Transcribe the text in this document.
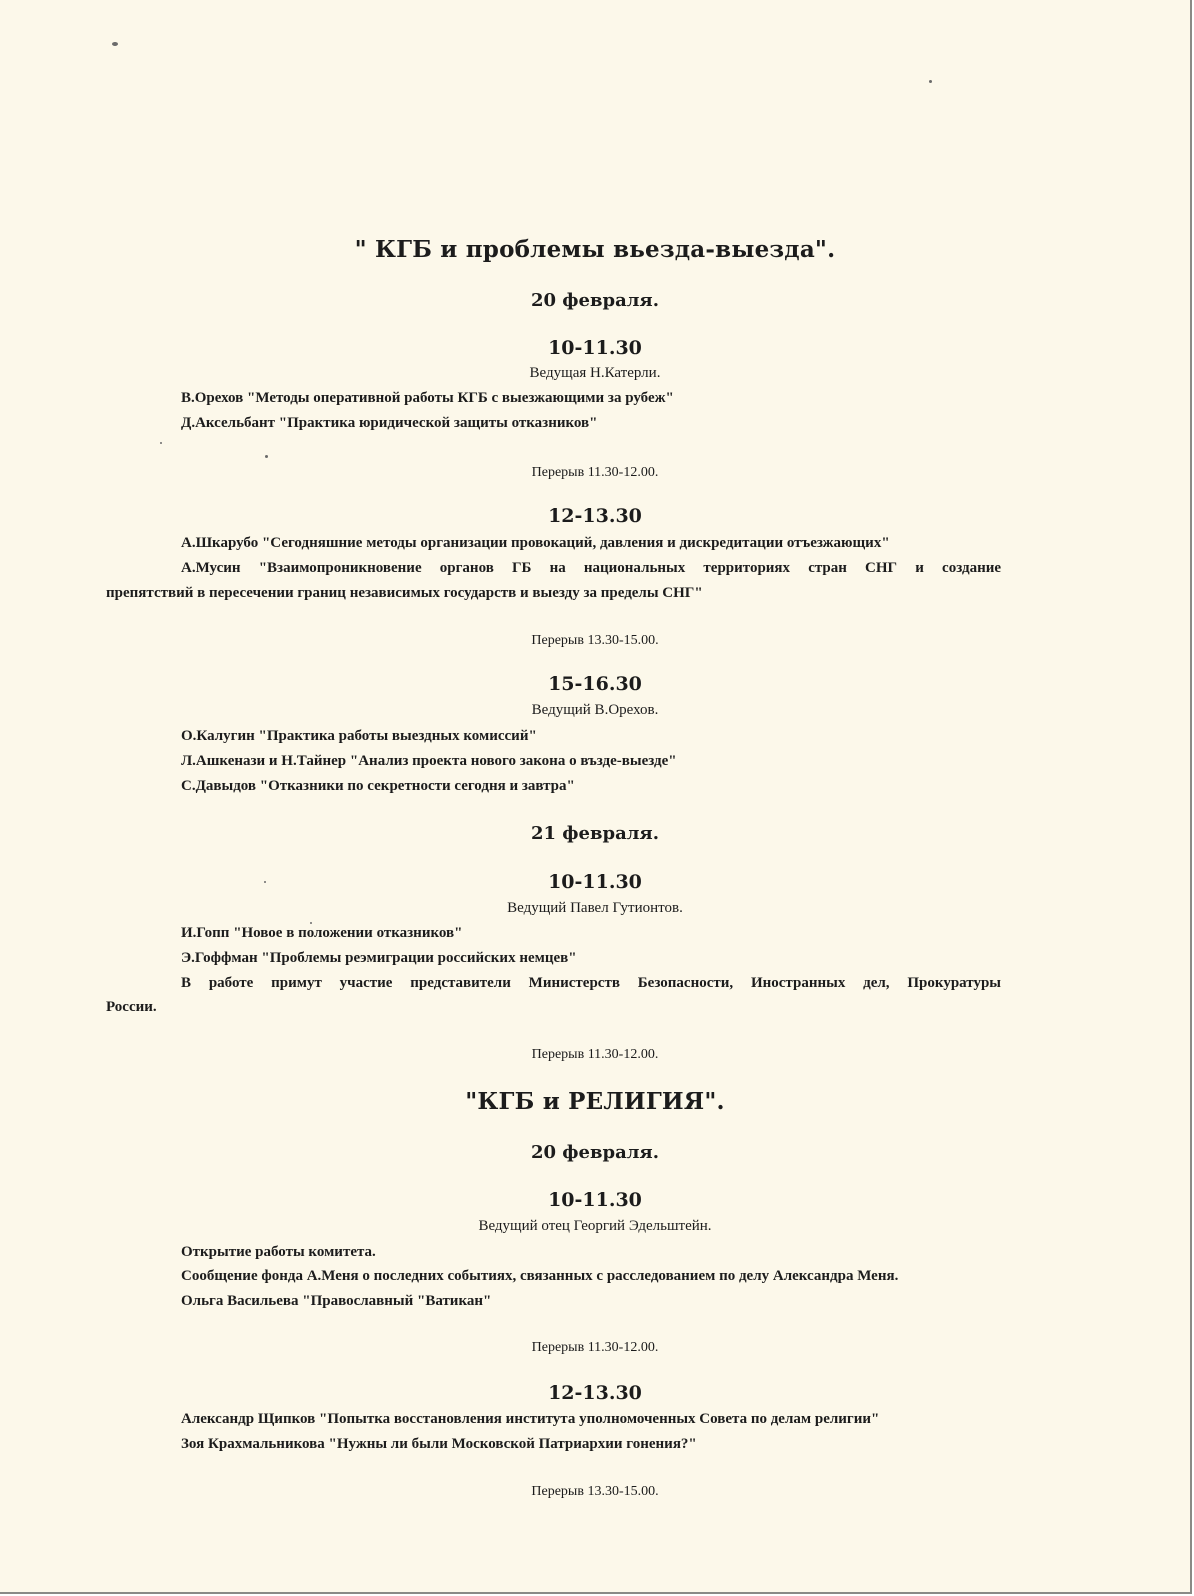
" КГБ и проблемы вьезда-выезда".
20 февраля.
10-11.30
Ведущая Н.Катерли.
В.Орехов "Методы оперативной работы КГБ с выезжающими за рубеж"
Д.Аксельбант "Практика юридической защиты отказников"
Перерыв 11.30-12.00.
12-13.30
А.Шкарубо "Сегодняшние методы организации провокаций, давления и дискредитации отъезжающих"
А.Мусин "Взаимопроникновение органов ГБ на национальных территориях стран СНГ и создание
препятствий в пересечении границ независимых государств и выезду за пределы СНГ"
Перерыв 13.30-15.00.
15-16.30
Ведущий В.Орехов.
О.Калугин "Практика работы выездных комиссий"
Л.Ашкенази и Н.Тайнер "Анализ проекта нового закона о възде-выезде"
С.Давыдов "Отказники по секретности сегодня и завтра"
21 февраля.
10-11.30
Ведущий Павел Гутионтов.
И.Гопп "Новое в положении отказников"
Э.Гоффман "Проблемы реэмиграции российских немцев"
В работе примут участие представители Министерств Безопасности, Иностранных дел, Прокуратуры
России.
Перерыв 11.30-12.00.
"КГБ и РЕЛИГИЯ".
20 февраля.
10-11.30
Ведущий отец Георгий Эдельштейн.
Открытие работы комитета.
Сообщение фонда А.Меня о последних событиях, связанных с расследованием по делу Александра Меня.
Ольга Васильева "Православный "Ватикан"
Перерыв 11.30-12.00.
12-13.30
Александр Щипков "Попытка восстановления института уполномоченных Совета по делам религии"
Зоя Крахмальникова "Нужны ли были Московской Патриархии гонения?"
Перерыв 13.30-15.00.
